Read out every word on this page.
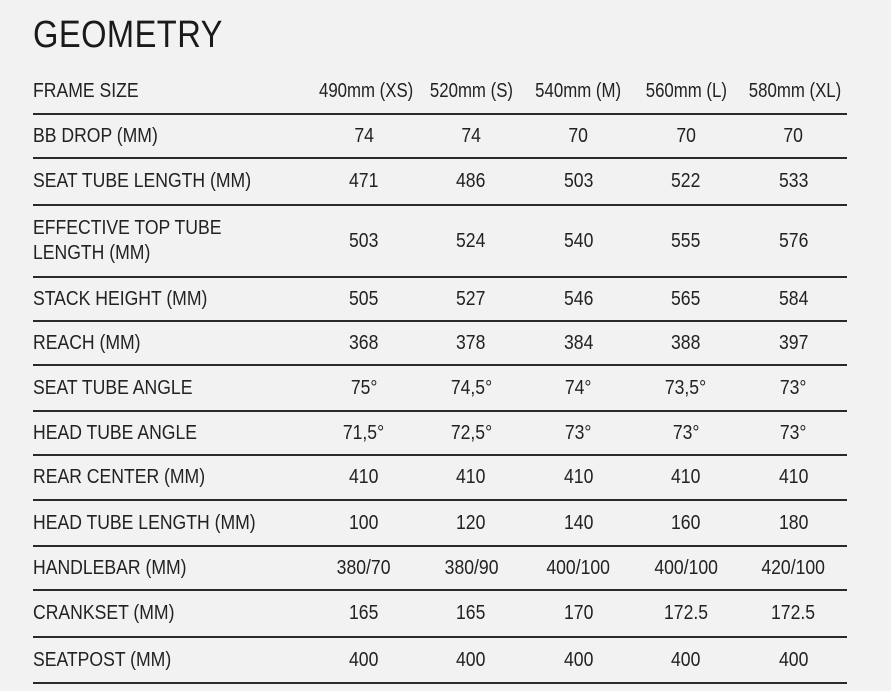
GEOMETRY
FRAME SIZE	490mm (XS)	520mm (S)	540mm (M)	560mm (L)	580mm (XL)
BB DROP (MM)	74	74	70	70	70
SEAT TUBE LENGTH (MM)	471	486	503	522	533
EFFECTIVE TOP TUBE LENGTH (MM)	503	524	540	555	576
STACK HEIGHT (MM)	505	527	546	565	584
REACH (MM)	368	378	384	388	397
SEAT TUBE ANGLE	75°	74,5°	74°	73,5°	73°
HEAD TUBE ANGLE	71,5°	72,5°	73°	73°	73°
REAR CENTER (MM)	410	410	410	410	410
HEAD TUBE LENGTH (MM)	100	120	140	160	180
HANDLEBAR (MM)	380/70	380/90	400/100	400/100	420/100
CRANKSET (MM)	165	165	170	172.5	172.5
SEATPOST (MM)	400	400	400	400	400
